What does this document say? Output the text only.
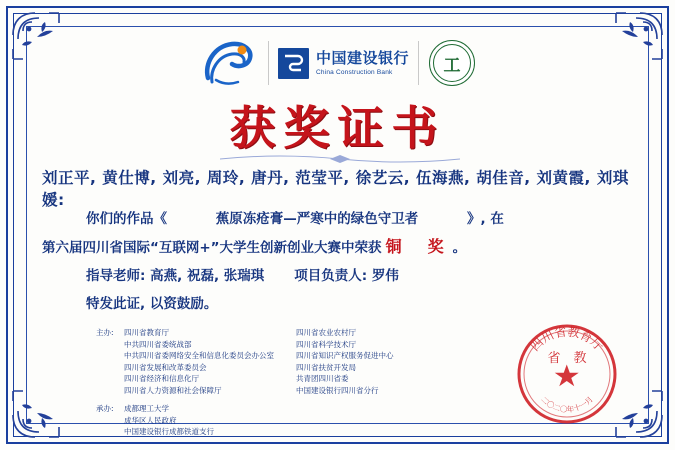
中国建设银行
China Construction Bank	工
获奖证书
刘正平, 黄仕博, 刘亮, 周玲, 唐丹, 范莹平, 徐艺云, 伍海燕, 胡佳音, 刘黄霞, 刘琪媛:
你们的作品《	蕉原冻疮膏—严寒中的绿色守卫者	》, 在
第六届四川省国际“互联网+”大学生创新创业大赛中荣获 铜　奖 。
指导老师: 高燕, 祝磊, 张瑞琪 项目负责人: 罗伟
特发此证, 以资鼓励。
主办:	四川省教育厅
中共四川省委统战部
中共四川省委网络安全和信息化委员会办公室
四川省发展和改革委员会
四川省经济和信息化厅
四川省人力资源和社会保障厅
四川省农业农村厅
四川省科学技术厅
四川省知识产权服务促进中心
四川省扶贫开发局
共青团四川省委
中国建设银行四川省分行
承办:	成都理工大学
成华区人民政府
中国建设银行成都铁道支行
四川省教育厅
二〇二〇年十一月
省　教
